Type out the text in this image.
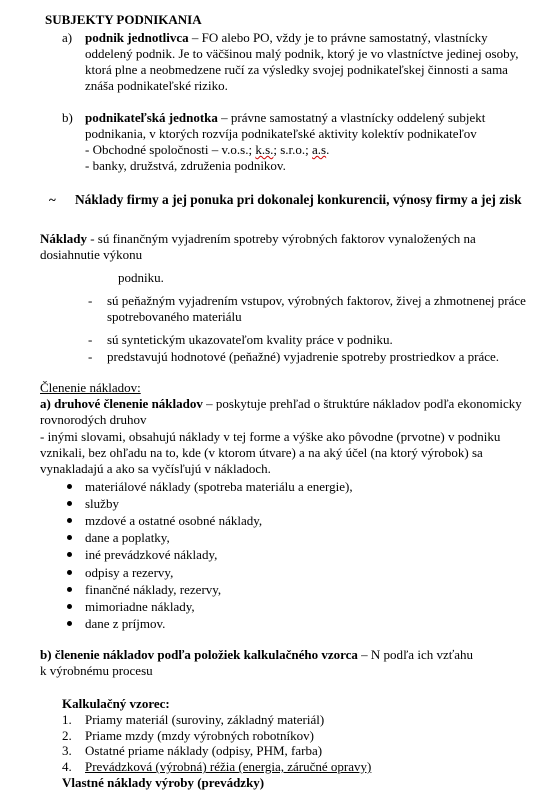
SUBJEKTY PODNIKANIA
a) podnik jednotlivca – FO alebo PO, vždy je to právne samostatný, vlastnícky
oddelený podnik. Je to väčšinou malý podnik, ktorý je vo vlastníctve jedinej osoby,
ktorá plne a neobmedzene ručí za výsledky svojej podnikateľskej činnosti a sama
znáša podnikateľské riziko.
b) podnikateľská jednotka – právne samostatný a vlastnícky oddelený subjekt
podnikania, v ktorých rozvíja podnikateľské aktivity kolektív podnikateľov
- Obchodné spoločnosti – v.o.s.; k.s.; s.r.o.; a.s.
- banky, družstvá, združenia podnikov.
~ Náklady firmy a jej ponuka pri dokonalej konkurencii, výnosy firmy a jej zisk
Náklady - sú finančným vyjadrením spotreby výrobných faktorov vynaložených na
dosiahnutie výkonu
podniku.
- sú peňažným vyjadrením vstupov, výrobných faktorov, živej a zhmotnenej práce
spotrebovaného materiálu
- sú syntetickým ukazovateľom kvality práce v podniku.
- predstavujú hodnotové (peňažné) vyjadrenie spotreby prostriedkov a práce.
Členenie nákladov:
a) druhové členenie nákladov – poskytuje prehľad o štruktúre nákladov podľa ekonomicky
rovnorodých druhov
- inými slovami, obsahujú náklady v tej forme a výške ako pôvodne (prvotne) v podniku
vznikali, bez ohľadu na to, kde (v ktorom útvare) a na aký účel (na ktorý výrobok) sa
vynakladajú a ako sa vyčísľujú v nákladoch.
materiálové náklady (spotreba materiálu a energie),
služby
mzdové a ostatné osobné náklady,
dane a poplatky,
iné prevádzkové náklady,
odpisy a rezervy,
finančné náklady, rezervy,
mimoriadne náklady,
dane z príjmov.
b) členenie nákladov podľa položiek kalkulačného vzorca – N podľa ich vzťahu
k výrobnému procesu
Kalkulačný vzorec:
1. Priamy materiál (suroviny, základný materiál)
2. Priame mzdy (mzdy výrobných robotníkov)
3. Ostatné priame náklady (odpisy, PHM, farba)
4. Prevádzková (výrobná) réžia (energia, záručné opravy)
Vlastné náklady výroby (prevádzky)
